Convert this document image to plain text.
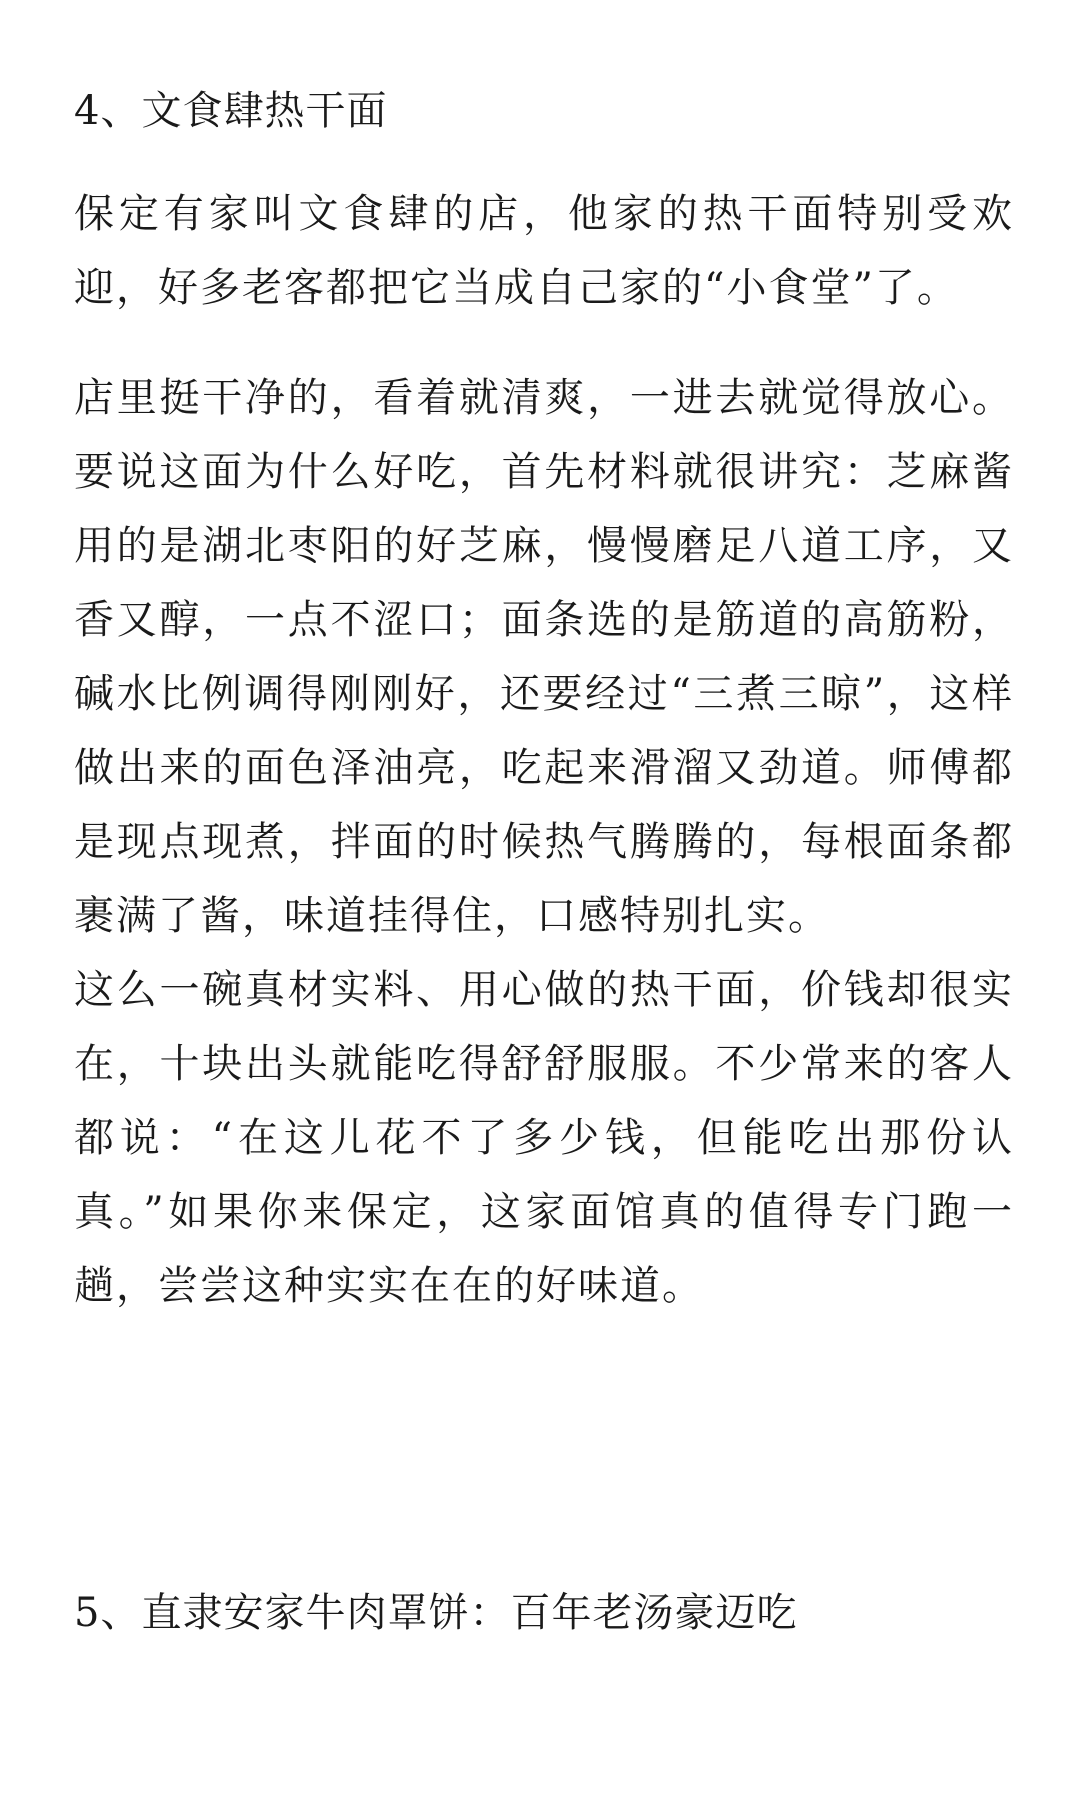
4、文食肆热干面

保定有家叫文食肆的店，他家的热干面特别受欢迎，好多老客都把它当成自己家的“小食堂”了。

店里挺干净的，看着就清爽，一进去就觉得放心。要说这面为什么好吃，首先材料就很讲究：芝麻酱用的是湖北枣阳的好芝麻，慢慢磨足八道工序，又香又醇，一点不涩口；面条选的是筋道的高筋粉，碱水比例调得刚刚好，还要经过“三煮三晾”，这样做出来的面色泽油亮，吃起来滑溜又劲道。师傅都是现点现煮，拌面的时候热气腾腾的，每根面条都裹满了酱，味道挂得住，口感特别扎实。

这么一碗真材实料、用心做的热干面，价钱却很实在，十块出头就能吃得舒舒服服。不少常来的客人都说：“在这儿花不了多少钱，但能吃出那份认真。”如果你来保定，这家面馆真的值得专门跑一趟，尝尝这种实实在在的好味道。

5、直隶安家牛肉罩饼：百年老汤豪迈吃
